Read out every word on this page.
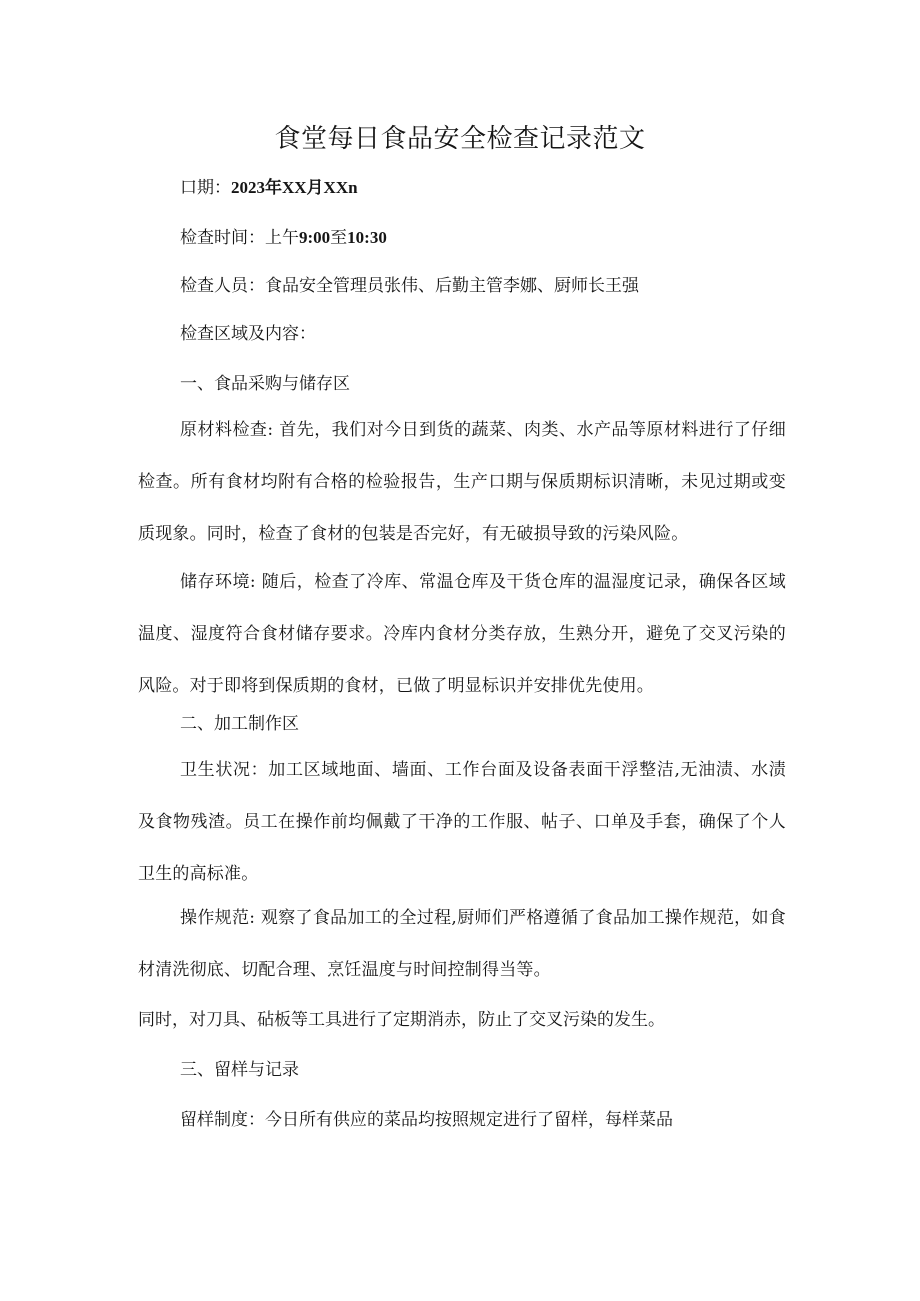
食堂每日食品安全检查记录范文
口期：2023年XX月XXn
检查时间：上午9:00至10:30
检查人员：食品安全管理员张伟、后勤主管李娜、厨师长王强
检查区域及内容：
一、食品采购与储存区
原材料检查: 首先，我们对今日到货的蔬菜、肉类、水产品等原材料进行了仔细检查。所有食材均附有合格的检验报告，生产口期与保质期标识清晰，未见过期或变质现象。同时，检查了食材的包装是否完好，有无破损导致的污染风险。
储存环境: 随后，检查了冷库、常温仓库及干货仓库的温湿度记录，确保各区域温度、湿度符合食材储存要求。冷库内食材分类存放，生熟分开，避免了交叉污染的风险。对于即将到保质期的食材，已做了明显标识并安排优先使用。
二、加工制作区
卫生状况：加工区域地面、墙面、工作台面及设备表面干浮整洁,无油渍、水渍及食物残渣。员工在操作前均佩戴了干净的工作服、帖子、口单及手套，确保了个人卫生的高标准。
操作规范: 观察了食品加工的全过程,厨师们严格遵循了食品加工操作规范，如食材清洗彻底、切配合理、烹饪温度与时间控制得当等。
同时，对刀具、砧板等工具进行了定期消赤，防止了交叉污染的发生。
三、留样与记录
留样制度：今日所有供应的菜品均按照规定进行了留样，每样菜品
